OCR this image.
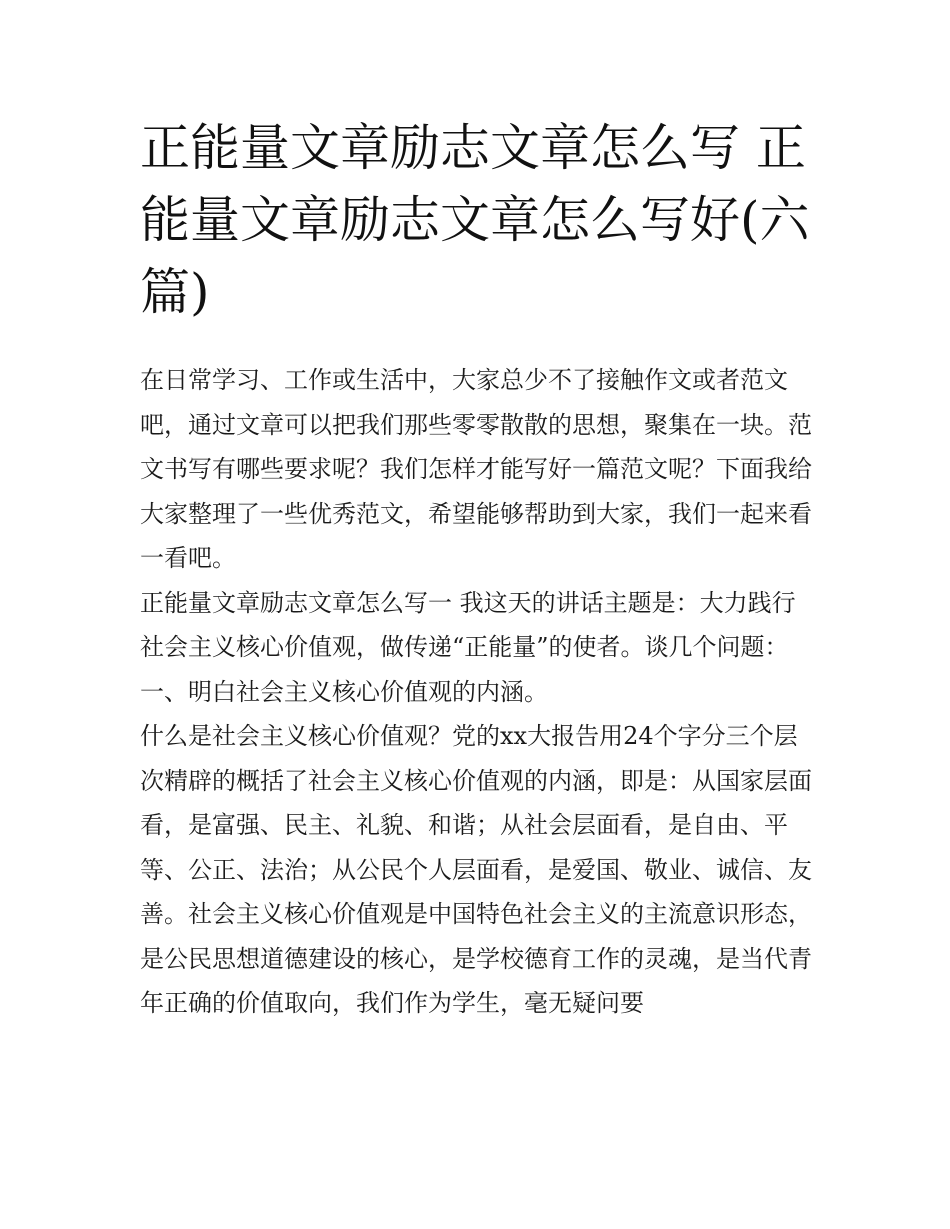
正能量文章励志文章怎么写 正能量文章励志文章怎么写好(六篇)

在日常学习、工作或生活中，大家总少不了接触作文或者范文吧，通过文章可以把我们那些零零散散的思想，聚集在一块。范文书写有哪些要求呢？我们怎样才能写好一篇范文呢？下面我给大家整理了一些优秀范文，希望能够帮助到大家，我们一起来看一看吧。

正能量文章励志文章怎么写一 我这天的讲话主题是：大力践行社会主义核心价值观，做传递“正能量”的使者。谈几个问题： 一、明白社会主义核心价值观的内涵。

什么是社会主义核心价值观？党的xx大报告用24个字分三个层次精辟的概括了社会主义核心价值观的内涵，即是：从国家层面看，是富强、民主、礼貌、和谐；从社会层面看，是自由、平等、公正、法治；从公民个人层面看，是爱国、敬业、诚信、友善。社会主义核心价值观是中国特色社会主义的主流意识形态，是公民思想道德建设的核心，是学校德育工作的灵魂，是当代青年正确的价值取向，我们作为学生，毫无疑问要
